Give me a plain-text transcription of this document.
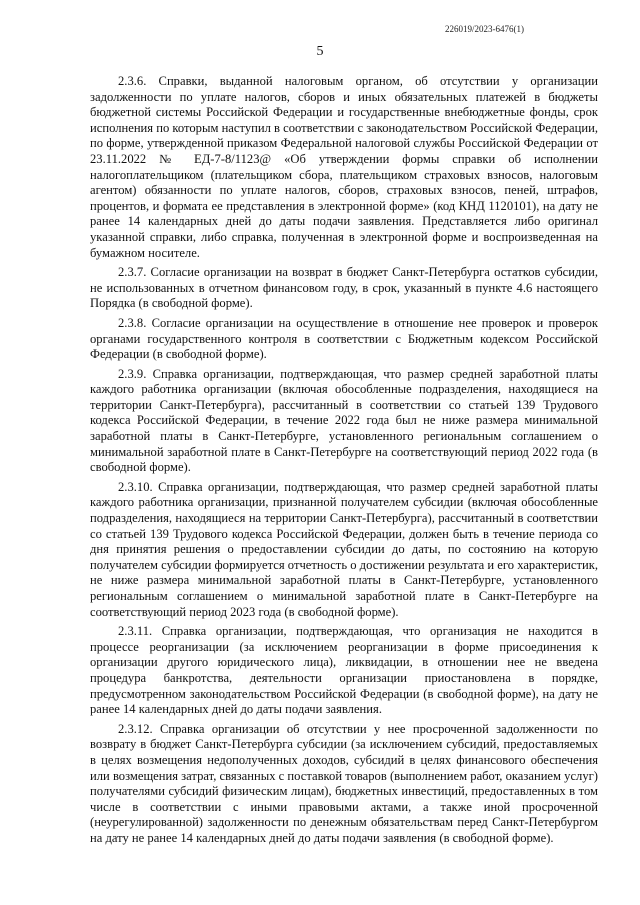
226019/2023-6476(1)
5

2.3.6. Справки, выданной налоговым органом, об отсутствии у организации задолженности по уплате налогов, сборов и иных обязательных платежей в бюджеты бюджетной системы Российской Федерации и государственные внебюджетные фонды, срок исполнения по которым наступил в соответствии с законодательством Российской Федерации, по форме, утвержденной приказом Федеральной налоговой службы Российской Федерации от 23.11.2022 № ЕД-7-8/1123@ «Об утверждении формы справки об исполнении налогоплательщиком (плательщиком сбора, плательщиком страховых взносов, налоговым агентом) обязанности по уплате налогов, сборов, страховых взносов, пеней, штрафов, процентов, и формата ее представления в электронной форме» (код КНД 1120101), на дату не ранее 14 календарных дней до даты подачи заявления. Представляется либо оригинал указанной справки, либо справка, полученная в электронной форме и воспроизведенная на бумажном носителе.

2.3.7. Согласие организации на возврат в бюджет Санкт-Петербурга остатков субсидии, не использованных в отчетном финансовом году, в срок, указанный в пункте 4.6 настоящего Порядка (в свободной форме).

2.3.8. Согласие организации на осуществление в отношение нее проверок и проверок органами государственного контроля в соответствии с Бюджетным кодексом Российской Федерации (в свободной форме).

2.3.9. Справка организации, подтверждающая, что размер средней заработной платы каждого работника организации (включая обособленные подразделения, находящиеся на территории Санкт-Петербурга), рассчитанный в соответствии со статьей 139 Трудового кодекса Российской Федерации, в течение 2022 года был не ниже размера минимальной заработной платы в Санкт-Петербурге, установленного региональным соглашением о минимальной заработной плате в Санкт-Петербурге на соответствующий период 2022 года (в свободной форме).

2.3.10. Справка организации, подтверждающая, что размер средней заработной платы каждого работника организации, признанной получателем субсидии (включая обособленные подразделения, находящиеся на территории Санкт-Петербурга), рассчитанный в соответствии со статьей 139 Трудового кодекса Российской Федерации, должен быть в течение периода со дня принятия решения о предоставлении субсидии до даты, по состоянию на которую получателем субсидии формируется отчетность о достижении результата и его характеристик, не ниже размера минимальной заработной платы в Санкт-Петербурге, установленного региональным соглашением о минимальной заработной плате в Санкт-Петербурге на соответствующий период 2023 года (в свободной форме).

2.3.11. Справка организации, подтверждающая, что организация не находится в процессе реорганизации (за исключением реорганизации в форме присоединения к организации другого юридического лица), ликвидации, в отношении нее не введена процедура банкротства, деятельности организации приостановлена в порядке, предусмотренном законодательством Российской Федерации (в свободной форме), на дату не ранее 14 календарных дней до даты подачи заявления.

2.3.12. Справка организации об отсутствии у нее просроченной задолженности по возврату в бюджет Санкт-Петербурга субсидии (за исключением субсидий, предоставляемых в целях возмещения недополученных доходов, субсидий в целях финансового обеспечения или возмещения затрат, связанных с поставкой товаров (выполнением работ, оказанием услуг) получателями субсидий физическим лицам), бюджетных инвестиций, предоставленных в том числе в соответствии с иными правовыми актами, а также иной просроченной (неурегулированной) задолженности по денежным обязательствам перед Санкт-Петербургом на дату не ранее 14 календарных дней до даты подачи заявления (в свободной форме).
